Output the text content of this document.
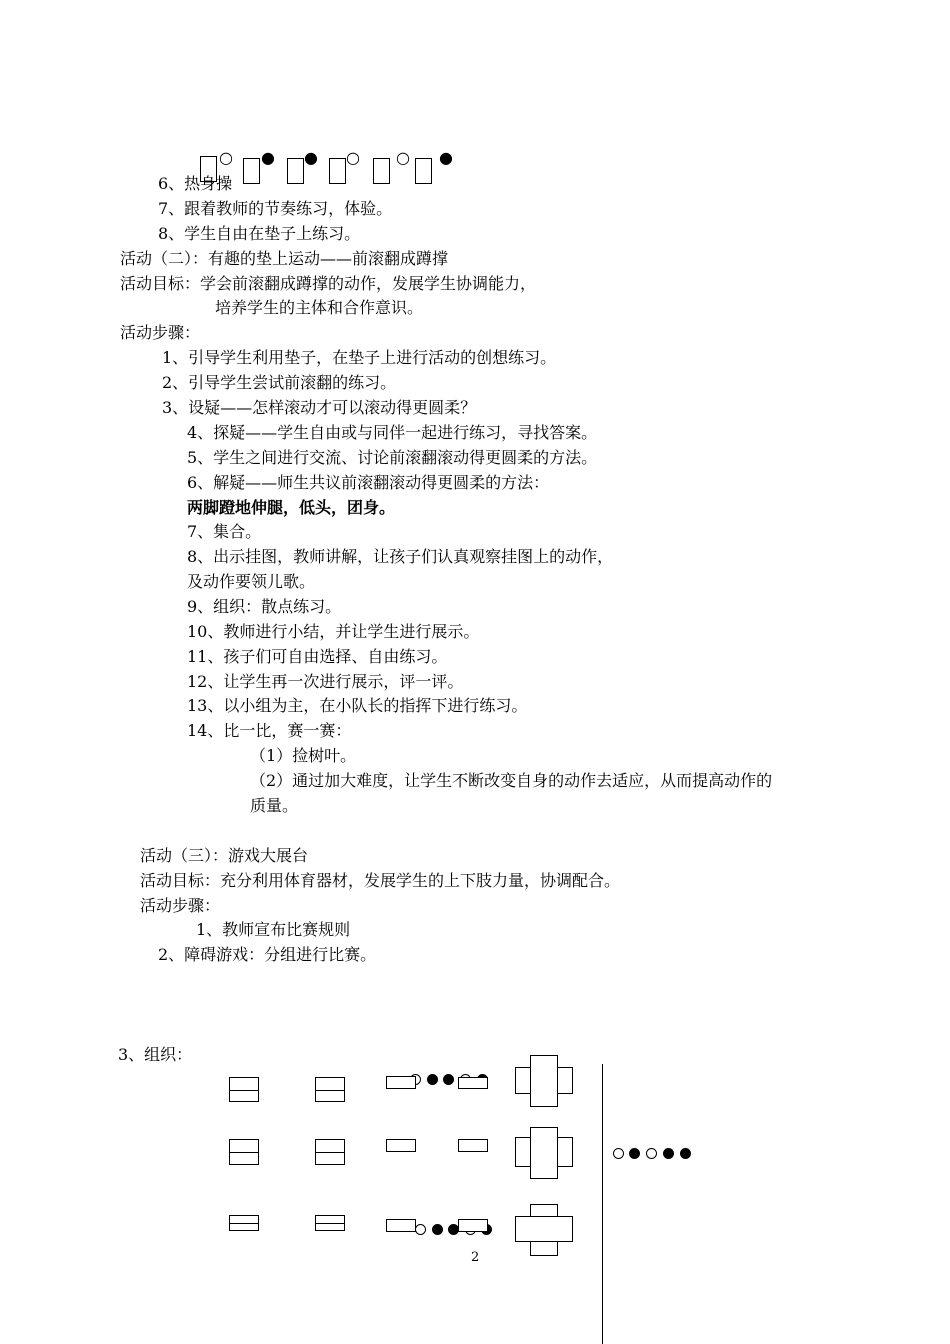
○ ● ● ○ ○ ●
6、热身操
7、跟着教师的节奏练习，体验。
8、学生自由在垫子上练习。
活动（二）：有趣的垫上运动——前滚翻成蹲撑
活动目标：学会前滚翻成蹲撑的动作，发展学生协调能力，
培养学生的主体和合作意识。
活动步骤：
1、引导学生利用垫子，在垫子上进行活动的创想练习。
2、引导学生尝试前滚翻的练习。
3、设疑——怎样滚动才可以滚动得更圆柔？
4、探疑——学生自由或与同伴一起进行练习，寻找答案。
5、学生之间进行交流、讨论前滚翻滚动得更圆柔的方法。
6、解疑——师生共议前滚翻滚动得更圆柔的方法：
两脚蹬地伸腿，低头，团身。
7、集合。
8、出示挂图，教师讲解，让孩子们认真观察挂图上的动作，
及动作要领儿歌。
9、组织：散点练习。
10、教师进行小结，并让学生进行展示。
11、孩子们可自由选择、自由练习。
12、让学生再一次进行展示，评一评。
13、以小组为主，在小队长的指挥下进行练习。
14、比一比，赛一赛：
（1）捡树叶。
（2）通过加大难度，让学生不断改变自身的动作去适应，从而提高动作的
质量。
活动（三）：游戏大展台
活动目标：充分利用体育器材，发展学生的上下肢力量，协调配合。
活动步骤：
1、教师宣布比赛规则
2、障碍游戏：分组进行比赛。
3、组织：
2
